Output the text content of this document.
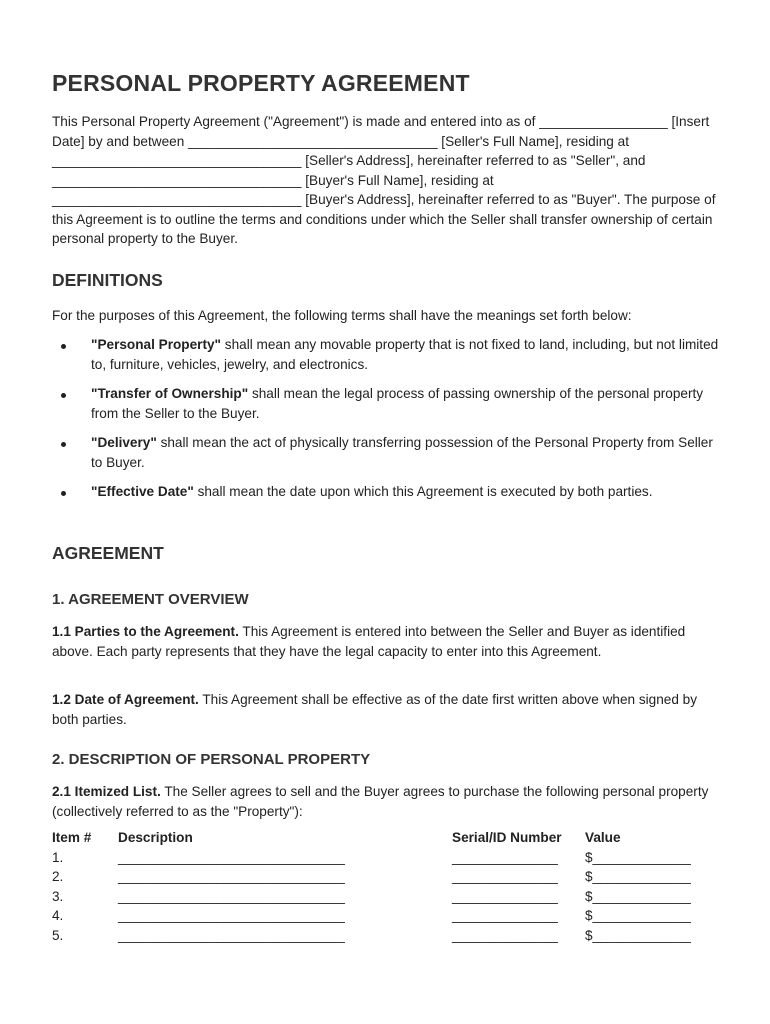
PERSONAL PROPERTY AGREEMENT

This Personal Property Agreement ("Agreement") is made and entered into as of _________________ [Insert Date] by and between _________________________________ [Seller's Full Name], residing at _________________________________ [Seller's Address], hereinafter referred to as "Seller", and _________________________________ [Buyer's Full Name], residing at _________________________________ [Buyer's Address], hereinafter referred to as "Buyer". The purpose of this Agreement is to outline the terms and conditions under which the Seller shall transfer ownership of certain personal property to the Buyer.

DEFINITIONS

For the purposes of this Agreement, the following terms shall have the meanings set forth below:

"Personal Property" shall mean any movable property that is not fixed to land, including, but not limited to, furniture, vehicles, jewelry, and electronics.
"Transfer of Ownership" shall mean the legal process of passing ownership of the personal property from the Seller to the Buyer.
"Delivery" shall mean the act of physically transferring possession of the Personal Property from Seller to Buyer.
"Effective Date" shall mean the date upon which this Agreement is executed by both parties.
AGREEMENT
1. AGREEMENT OVERVIEW

1.1 Parties to the Agreement. This Agreement is entered into between the Seller and Buyer as identified above. Each party represents that they have the legal capacity to enter into this Agreement.

1.2 Date of Agreement. This Agreement shall be effective as of the date first written above when signed by both parties.

2. DESCRIPTION OF PERSONAL PROPERTY

2.1 Itemized List. The Seller agrees to sell and the Buyer agrees to purchase the following personal property (collectively referred to as the "Property"):

Item #	Description	Serial/ID Number	Value
1.	______________________________	______________	$_____________
2.	______________________________	______________	$_____________
3.	______________________________	______________	$_____________
4.	______________________________	______________	$_____________
5.	______________________________	______________	$_____________
